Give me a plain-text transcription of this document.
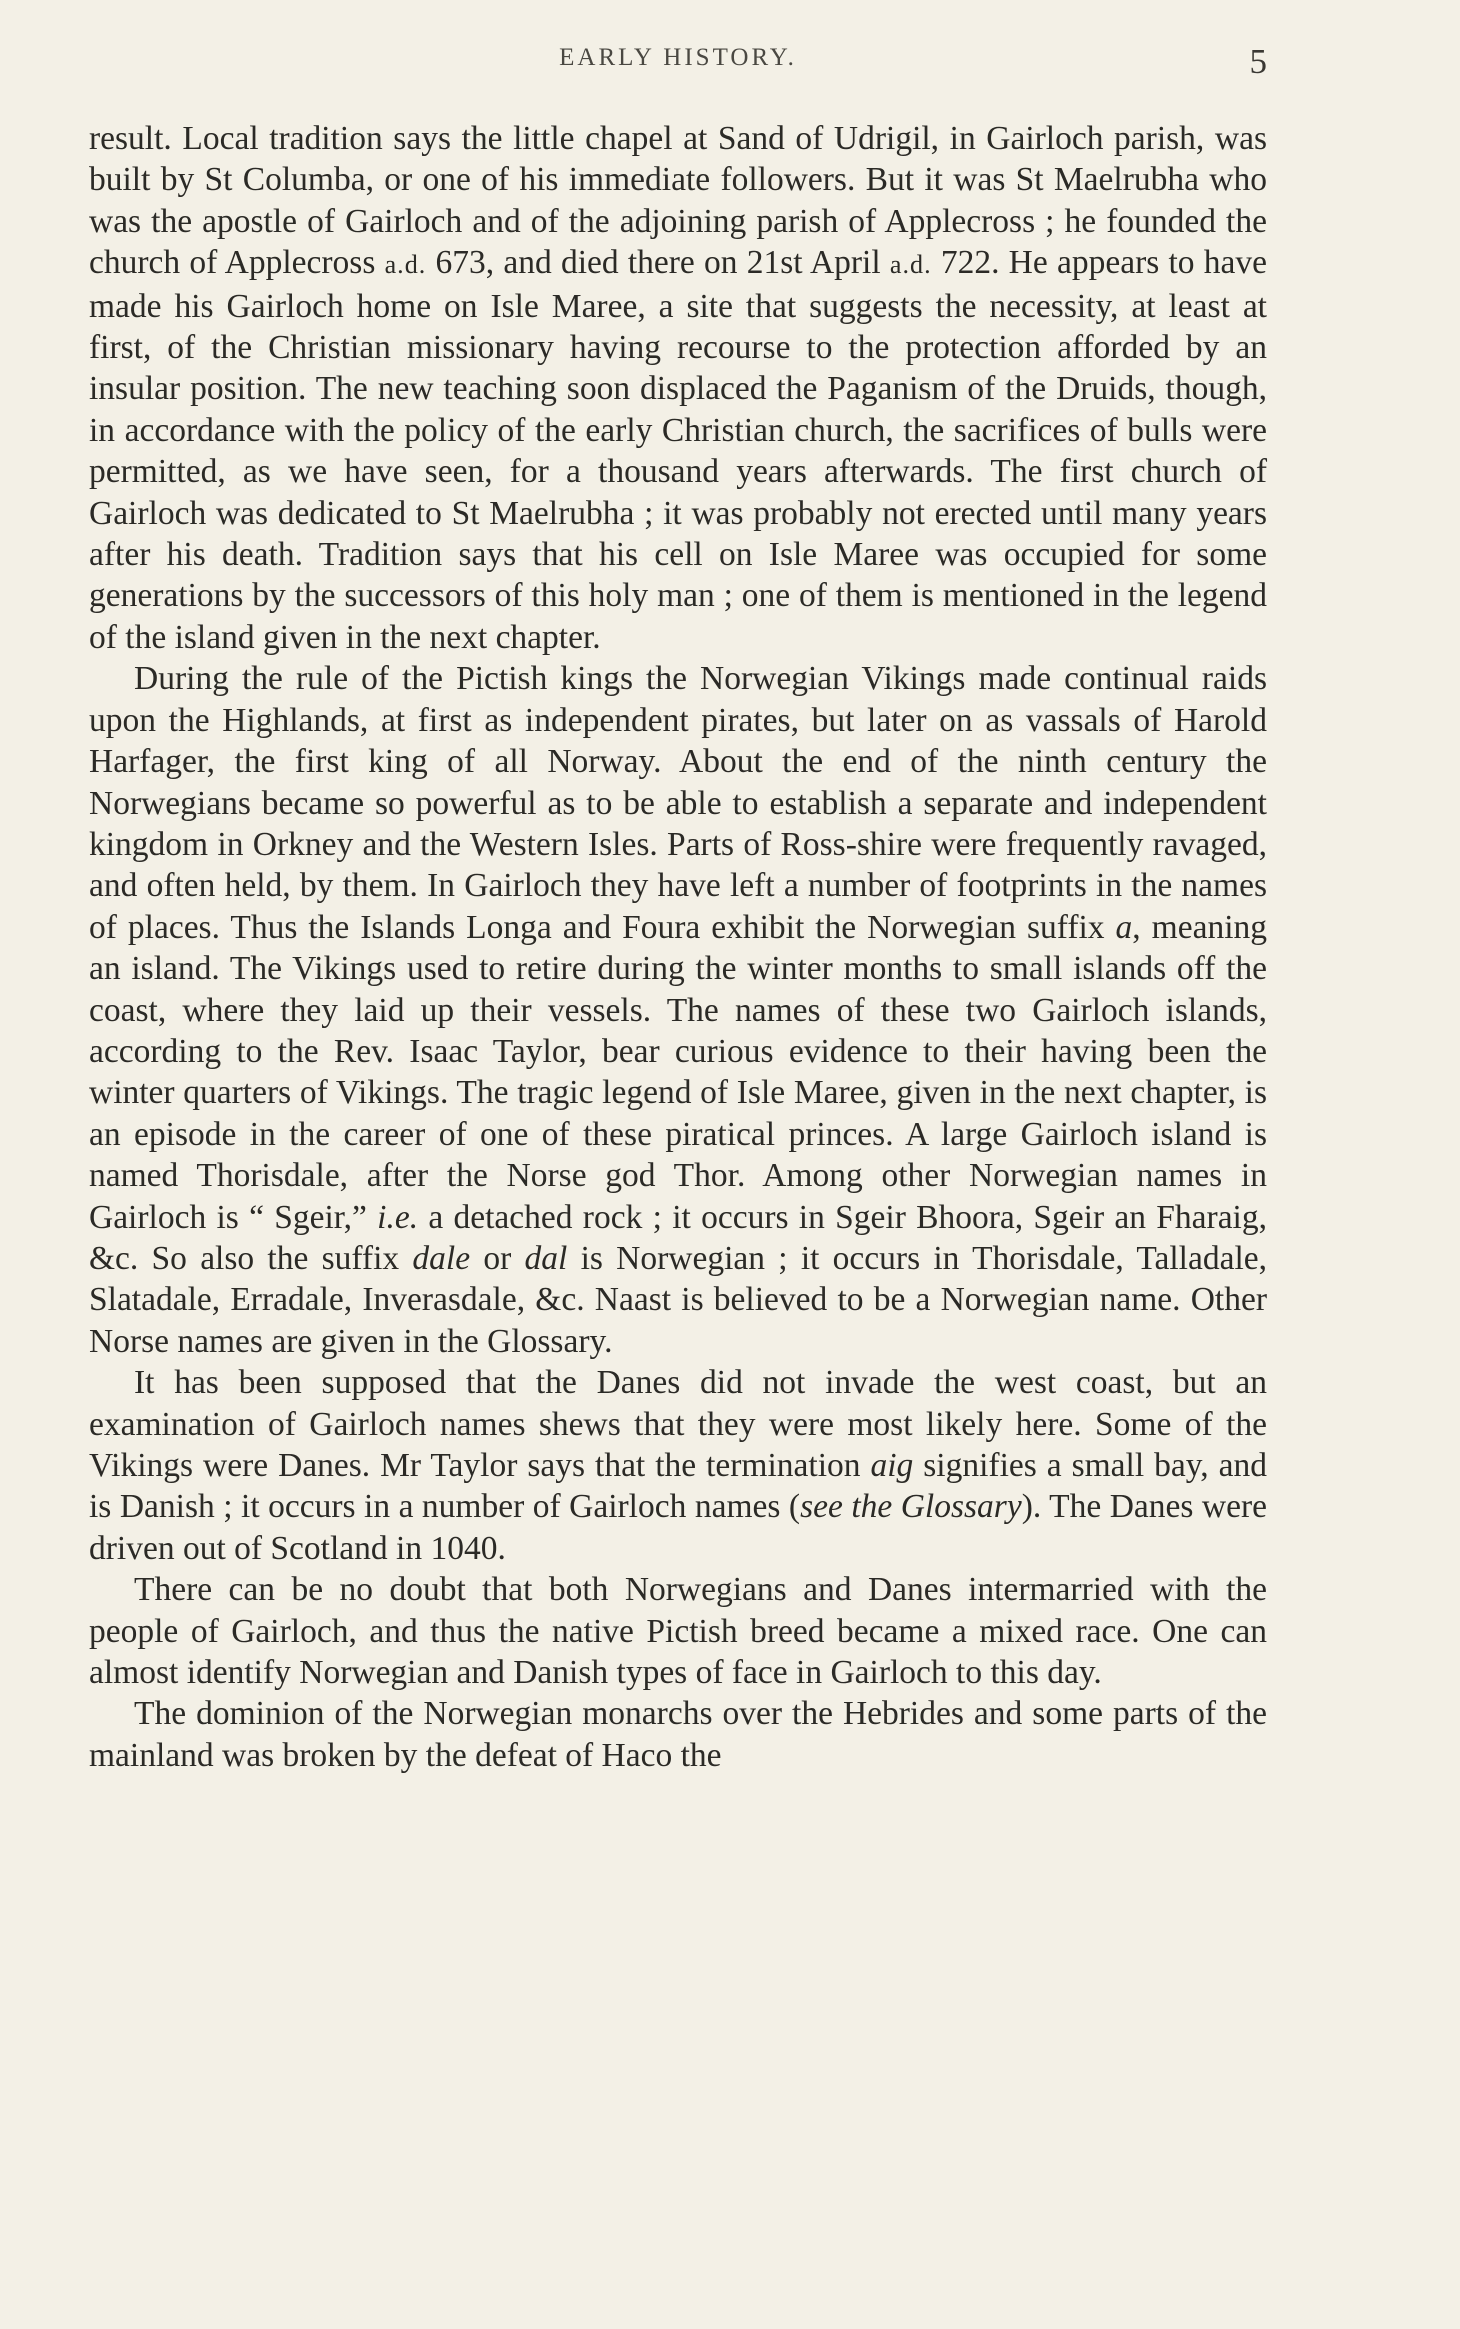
EARLY HISTORY.	5

result. Local tradition says the little chapel at Sand of Udrigil, in Gairloch parish, was built by St Columba, or one of his immediate followers. But it was St Maelrubha who was the apostle of Gairloch and of the adjoining parish of Applecross ; he founded the church of Applecross a.d. 673, and died there on 21st April a.d. 722. He appears to have made his Gairloch home on Isle Maree, a site that suggests the necessity, at least at first, of the Christian missionary having recourse to the protection afforded by an insular position. The new teaching soon displaced the Paganism of the Druids, though, in accordance with the policy of the early Christian church, the sacrifices of bulls were permitted, as we have seen, for a thousand years afterwards. The first church of Gairloch was dedicated to St Maelrubha ; it was probably not erected until many years after his death. Tradition says that his cell on Isle Maree was occupied for some generations by the successors of this holy man ; one of them is mentioned in the legend of the island given in the next chapter.

During the rule of the Pictish kings the Norwegian Vikings made continual raids upon the Highlands, at first as independent pirates, but later on as vassals of Harold Harfager, the first king of all Norway. About the end of the ninth century the Norwegians became so powerful as to be able to establish a separate and independent kingdom in Orkney and the Western Isles. Parts of Ross-shire were frequently ravaged, and often held, by them. In Gairloch they have left a number of footprints in the names of places. Thus the Islands Longa and Foura exhibit the Norwegian suffix a, meaning an island. The Vikings used to retire during the winter months to small islands off the coast, where they laid up their vessels. The names of these two Gairloch islands, according to the Rev. Isaac Taylor, bear curious evidence to their having been the winter quarters of Vikings. The tragic legend of Isle Maree, given in the next chapter, is an episode in the career of one of these piratical princes. A large Gairloch island is named Thorisdale, after the Norse god Thor. Among other Norwegian names in Gairloch is “ Sgeir,” i.e. a detached rock ; it occurs in Sgeir Bhoora, Sgeir an Fharaig, &c. So also the suffix dale or dal is Norwegian ; it occurs in Thorisdale, Talladale, Slatadale, Erradale, Inverasdale, &c. Naast is believed to be a Norwegian name. Other Norse names are given in the Glossary.

It has been supposed that the Danes did not invade the west coast, but an examination of Gairloch names shews that they were most likely here. Some of the Vikings were Danes. Mr Taylor says that the termination aig signifies a small bay, and is Danish ; it occurs in a number of Gairloch names (see the Glossary). The Danes were driven out of Scotland in 1040.

There can be no doubt that both Norwegians and Danes intermarried with the people of Gairloch, and thus the native Pictish breed became a mixed race. One can almost identify Norwegian and Danish types of face in Gairloch to this day.

The dominion of the Norwegian monarchs over the Hebrides and some parts of the mainland was broken by the defeat of Haco the
